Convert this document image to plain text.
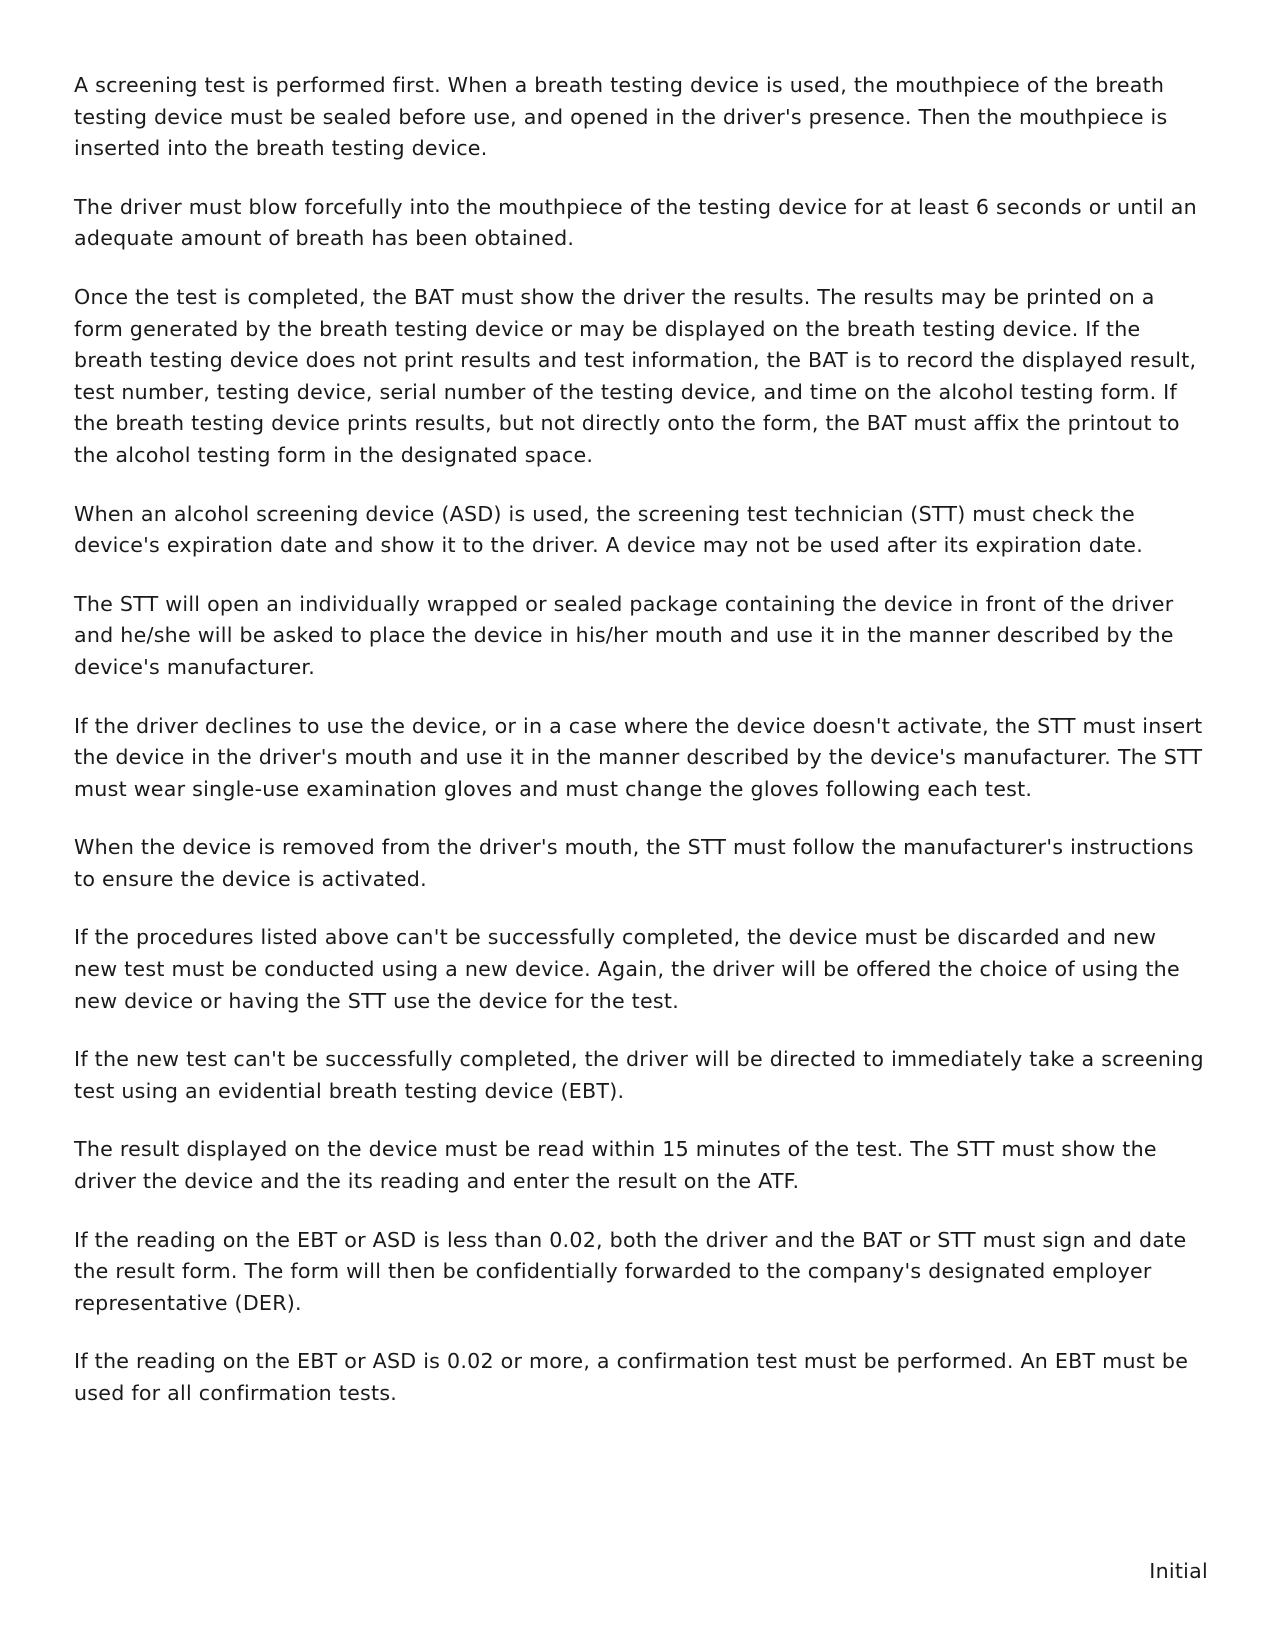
A screening test is performed first. When a breath testing device is used, the mouthpiece of the breath testing device must be sealed before use, and opened in the driver's presence. Then the mouthpiece is inserted into the breath testing device.

The driver must blow forcefully into the mouthpiece of the testing device for at least 6 seconds or until an adequate amount of breath has been obtained.

Once the test is completed, the BAT must show the driver the results. The results may be printed on a form generated by the breath testing device or may be displayed on the breath testing device. If the breath testing device does not print results and test information, the BAT is to record the displayed result, test number, testing device, serial number of the testing device, and time on the alcohol testing form. If the breath testing device prints results, but not directly onto the form, the BAT must affix the printout to the alcohol testing form in the designated space.

When an alcohol screening device (ASD) is used, the screening test technician (STT) must check the device's expiration date and show it to the driver. A device may not be used after its expiration date.

The STT will open an individually wrapped or sealed package containing the device in front of the driver and he/she will be asked to place the device in his/her mouth and use it in the manner described by the device's manufacturer.

If the driver declines to use the device, or in a case where the device doesn't activate, the STT must insert the device in the driver's mouth and use it in the manner described by the device's manufacturer. The STT must wear single-use examination gloves and must change the gloves following each test.

When the device is removed from the driver's mouth, the STT must follow the manufacturer's instructions to ensure the device is activated.

If the procedures listed above can't be successfully completed, the device must be discarded and new new test must be conducted using a new device. Again, the driver will be offered the choice of using the new device or having the STT use the device for the test.

If the new test can't be successfully completed, the driver will be directed to immediately take a screening test using an evidential breath testing device (EBT).

The result displayed on the device must be read within 15 minutes of the test. The STT must show the driver the device and the its reading and enter the result on the ATF.

If the reading on the EBT or ASD is less than 0.02, both the driver and the BAT or STT must sign and date the result form. The form will then be confidentially forwarded to the company's designated employer representative (DER).

If the reading on the EBT or ASD is 0.02 or more, a confirmation test must be performed. An EBT must be used for all confirmation tests.

Initial
